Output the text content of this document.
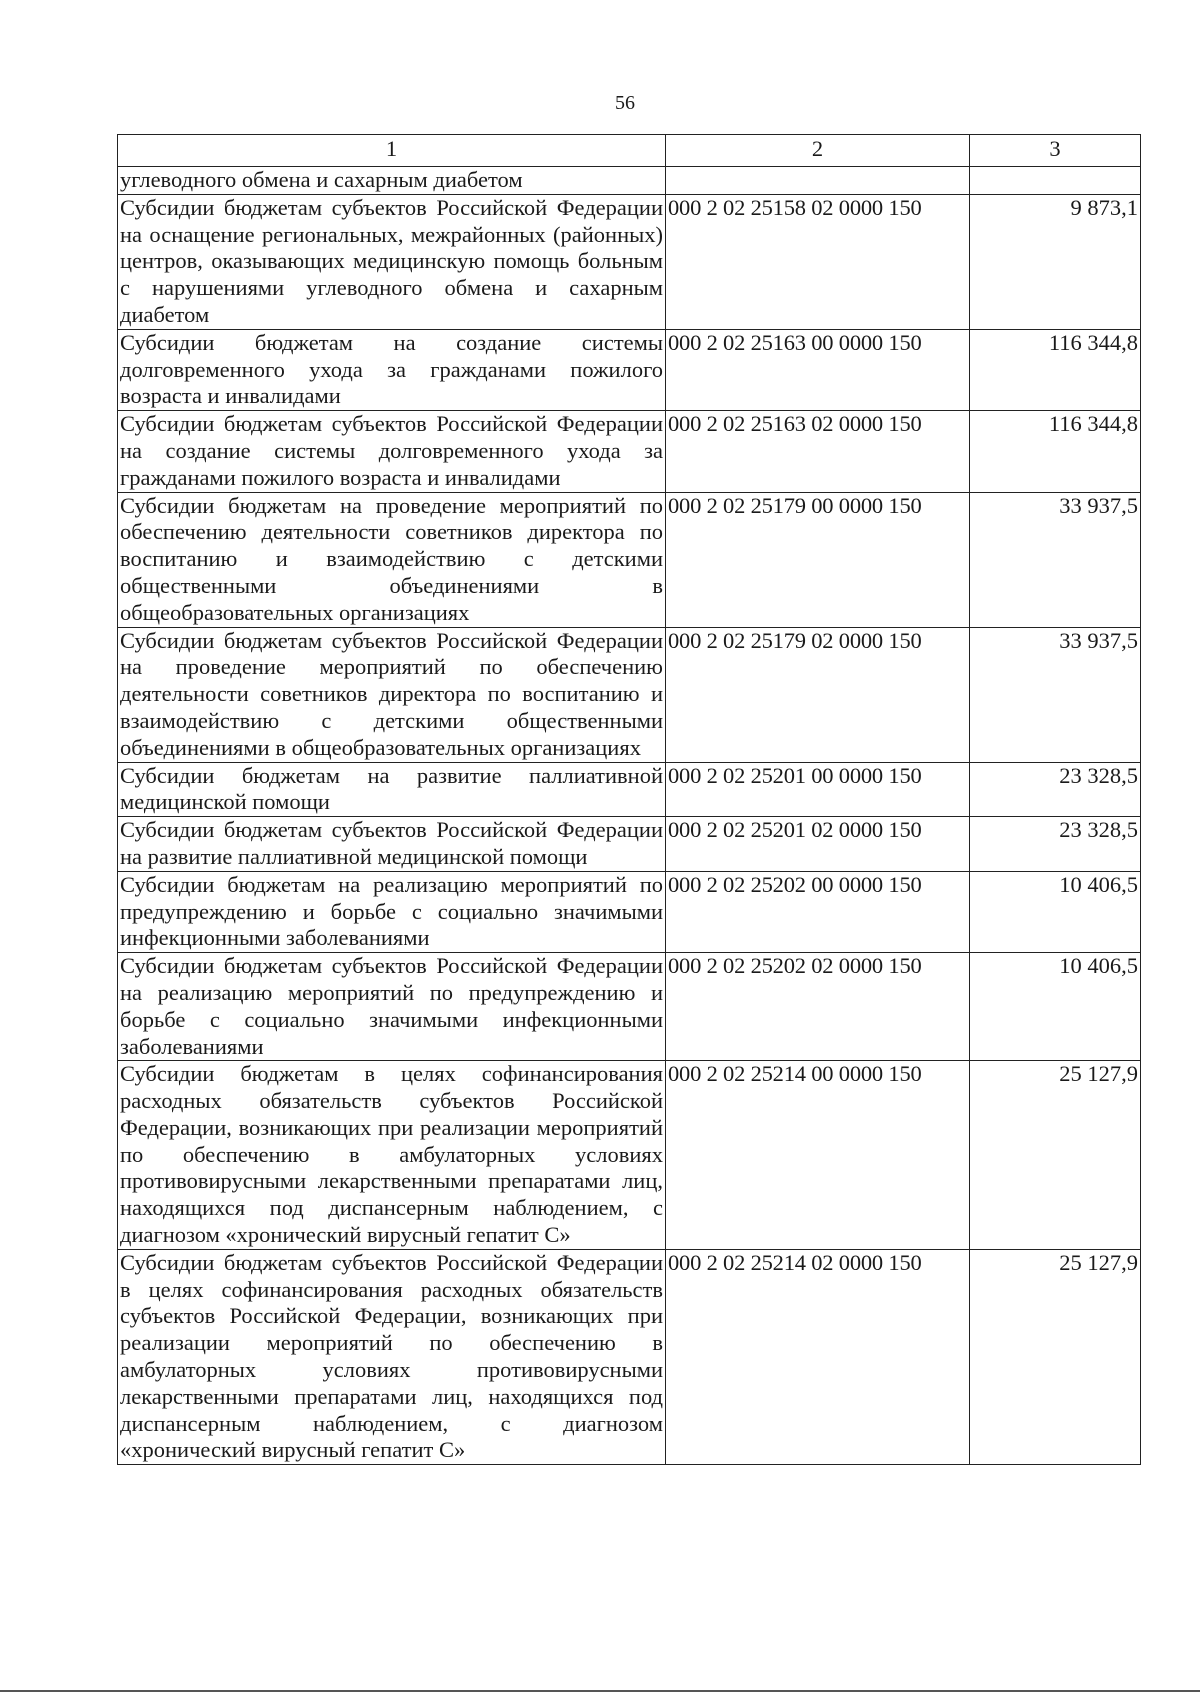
56
1	2	3
углеводного обмена и сахарным диабетом		
Субсидии бюджетам субъектов Российской Федерации на оснащение региональных, межрайонных (районных) центров, оказывающих медицинскую помощь больным с нарушениями углеводного обмена и сахарным диабетом	000 2 02 25158 02 0000 150	9 873,1
Субсидии бюджетам на создание системы долговременного ухода за гражданами пожилого возраста и инвалидами	000 2 02 25163 00 0000 150	116 344,8
Субсидии бюджетам субъектов Российской Федерации на создание системы долговременного ухода за гражданами пожилого возраста и инвалидами	000 2 02 25163 02 0000 150	116 344,8
Субсидии бюджетам на проведение мероприятий по обеспечению деятельности советников директора по воспитанию и взаимодействию с детскими общественными объединениями в общеобразовательных организациях	000 2 02 25179 00 0000 150	33 937,5
Субсидии бюджетам субъектов Российской Федерации на проведение мероприятий по обеспечению деятельности советников директора по воспитанию и взаимодействию с детскими общественными объединениями в общеобразовательных организациях	000 2 02 25179 02 0000 150	33 937,5
Субсидии бюджетам на развитие паллиативной медицинской помощи	000 2 02 25201 00 0000 150	23 328,5
Субсидии бюджетам субъектов Российской Федерации на развитие паллиативной медицинской помощи	000 2 02 25201 02 0000 150	23 328,5
Субсидии бюджетам на реализацию мероприятий по предупреждению и борьбе с социально значимыми инфекционными заболеваниями	000 2 02 25202 00 0000 150	10 406,5
Субсидии бюджетам субъектов Российской Федерации на реализацию мероприятий по предупреждению и борьбе с социально значимыми инфекционными заболеваниями	000 2 02 25202 02 0000 150	10 406,5
Субсидии бюджетам в целях софинансирования расходных обязательств субъектов Российской Федерации, возникающих при реализации мероприятий по обеспечению в амбулаторных условиях противовирусными лекарственными препаратами лиц, находящихся под диспансерным наблюдением, с диагнозом «хронический вирусный гепатит С»	000 2 02 25214 00 0000 150	25 127,9
Субсидии бюджетам субъектов Российской Федерации в целях софинансирования расходных обязательств субъектов Российской Федерации, возникающих при реализации мероприятий по обеспечению в амбулаторных условиях противовирусными лекарственными препаратами лиц, находящихся под диспансерным наблюдением, с диагнозом «хронический вирусный гепатит С»	000 2 02 25214 02 0000 150	25 127,9
